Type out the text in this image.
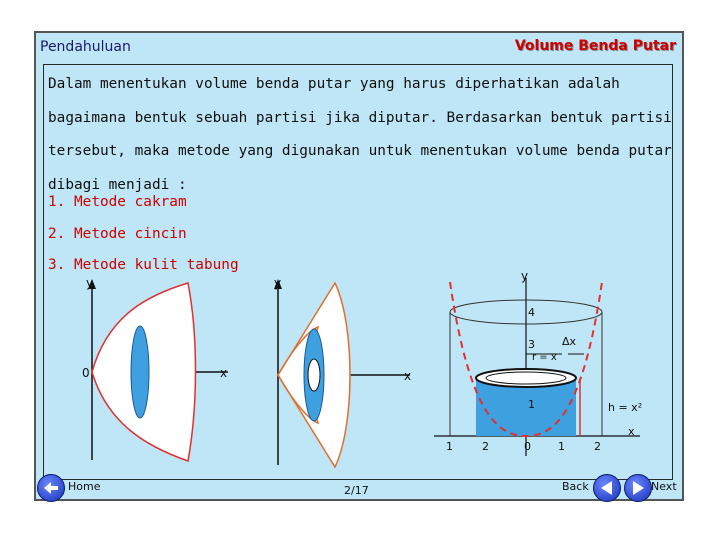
Pendahuluan	Volume Benda Putar

Dalam menentukan volume benda putar yang harus diperhatikan adalah bagaimana bentuk sebuah partisi jika diputar. Berdasarkan bentuk partisi tersebut, maka metode yang digunakan untuk menentukan volume benda putar dibagi menjadi :

1. Metode cakram
2. Metode cincin
3. Metode kulit tabung
y
x
0
y
x
y
x
h = x²
r = x
Δx
4
3
1
1	2	0 1	2
Home	2/17	Back	Next
